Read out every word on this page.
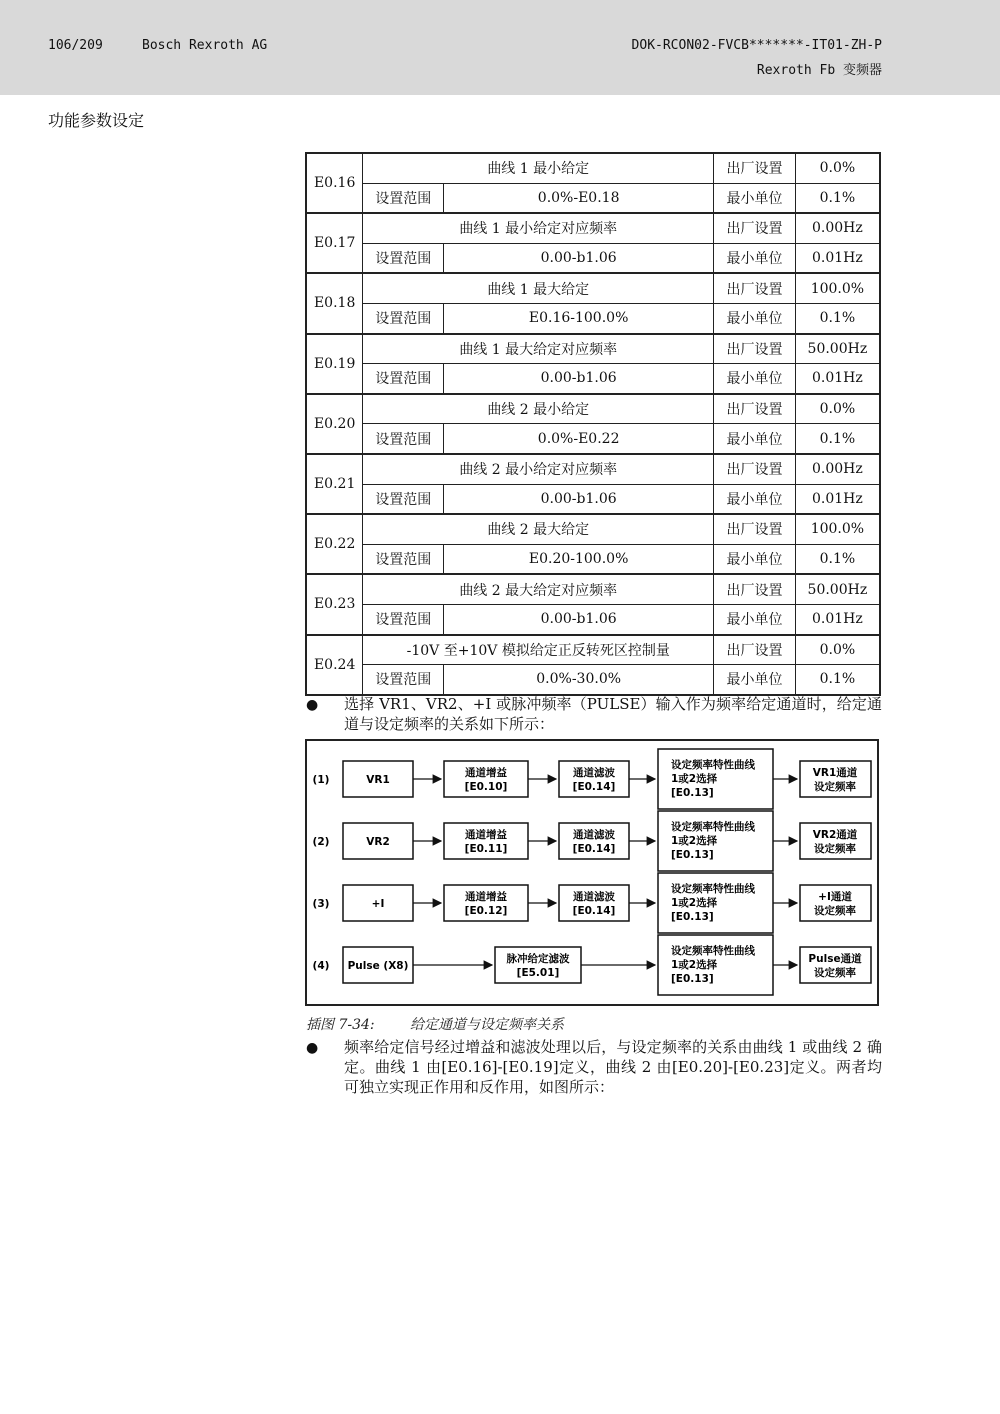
106/209	Bosch Rexroth AG	DOK-RCON02-FVCB*******-IT01-ZH-P
Rexroth Fb 变频器
功能参数设定
E0.16	曲线 1 最小给定		出厂设置	0.0%
	设置范围	0.0%-E0.18	最小单位	0.1%
E0.17	曲线 1 最小给定对应频率		出厂设置	0.00Hz
	设置范围	0.00-b1.06	最小单位	0.01Hz
E0.18	曲线 1 最大给定		出厂设置	100.0%
	设置范围	E0.16-100.0%	最小单位	0.1%
E0.19	曲线 1 最大给定对应频率		出厂设置	50.00Hz
	设置范围	0.00-b1.06	最小单位	0.01Hz
E0.20	曲线 2 最小给定		出厂设置	0.0%
	设置范围	0.0%-E0.22	最小单位	0.1%
E0.21	曲线 2 最小给定对应频率		出厂设置	0.00Hz
	设置范围	0.00-b1.06	最小单位	0.01Hz
E0.22	曲线 2 最大给定		出厂设置	100.0%
	设置范围	E0.20-100.0%	最小单位	0.1%
E0.23	曲线 2 最大给定对应频率		出厂设置	50.00Hz
	设置范围	0.00-b1.06	最小单位	0.01Hz
E0.24	-10V 至+10V 模拟给定正反转死区控制量		出厂设置	0.0%
	设置范围	0.0%-30.0%	最小单位	0.1%
● 选择 VR1、VR2、+I 或脉冲频率（PULSE）输入作为频率给定通道时，给定通道与设定频率的关系如下所示：
(1)	VR1
通道增益
[E0.10]
通道滤波
[E0.14]
设定频率特性曲线
1或2选择
[E0.13]
VR1通道
设定频率
(2)	VR2
通道增益
[E0.11]
通道滤波
[E0.14]
设定频率特性曲线
1或2选择
[E0.13]
VR2通道
设定频率
(3)	+I
通道增益
[E0.12]
通道滤波
[E0.14]
设定频率特性曲线
1或2选择
[E0.13]
+I通道
设定频率
(4) Pulse (X8)
脉冲给定滤波
[E5.01]
设定频率特性曲线
1或2选择
[E0.13]
Pulse通道
设定频率
插图 7-34:	给定通道与设定频率关系
● 频率给定信号经过增益和滤波处理以后，与设定频率的关系由曲线 1 或曲线 2 确定。曲线 1 由[E0.16]-[E0.19]定义，曲线 2 由[E0.20]-[E0.23]定义。两者均可独立实现正作用和反作用，如图所示：
